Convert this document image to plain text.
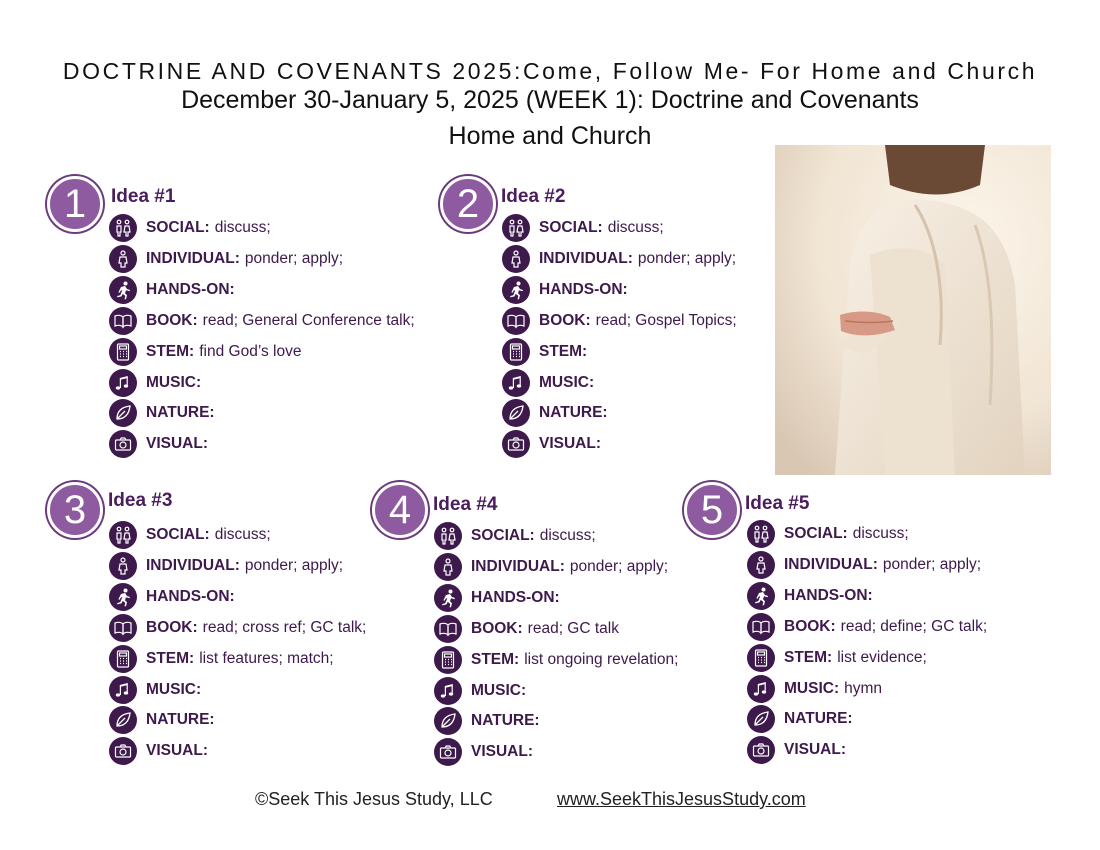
DOCTRINE AND COVENANTS 2025:Come, Follow Me- For Home and Church
December 30-January 5, 2025 (WEEK 1): Doctrine and Covenants
Home and Church
1	Idea #1
SOCIAL: discuss;
INDIVIDUAL: ponder; apply;
HANDS-ON:
BOOK: read; General Conference talk;
STEM: find God’s love
MUSIC:
NATURE:
VISUAL:
2	Idea #2
SOCIAL: discuss;
INDIVIDUAL: ponder; apply;
HANDS-ON:
BOOK: read; Gospel Topics;
STEM:
MUSIC:
NATURE:
VISUAL:
3	Idea #3
SOCIAL: discuss;
INDIVIDUAL: ponder; apply;
HANDS-ON:
BOOK: read; cross ref; GC talk;
STEM: list features; match;
MUSIC:
NATURE:
VISUAL:
4	Idea #4
SOCIAL: discuss;
INDIVIDUAL: ponder; apply;
HANDS-ON:
BOOK: read; GC talk
STEM: list ongoing revelation;
MUSIC:
NATURE:
VISUAL:
5	Idea #5
SOCIAL: discuss;
INDIVIDUAL: ponder; apply;
HANDS-ON:
BOOK: read; define; GC talk;
STEM: list evidence;
MUSIC: hymn
NATURE:
VISUAL:
©Seek This Jesus Study, LLC	www.SeekThisJesusStudy.com
